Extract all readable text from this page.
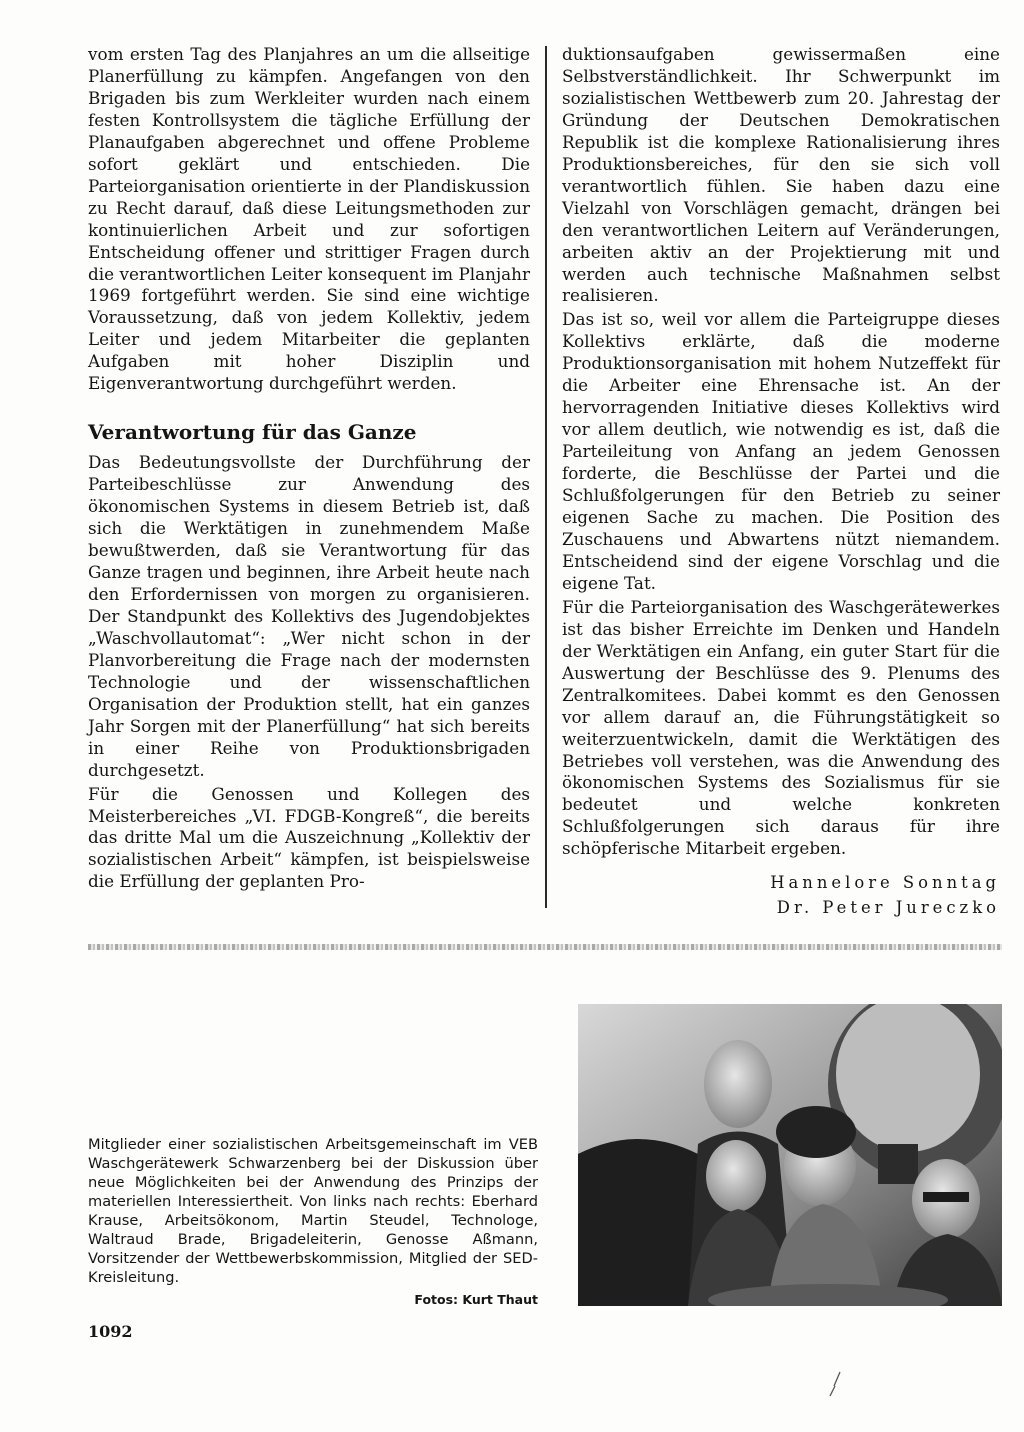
vom ersten Tag des Planjahres an um die allseitige Planerfüllung zu kämpfen. Angefangen von den Brigaden bis zum Werkleiter wurden nach einem festen Kontrollsystem die tägliche Erfüllung der Planaufgaben abgerechnet und offene Probleme sofort geklärt und entschieden. Die Parteiorganisation orientierte in der Plandiskussion zu Recht darauf, daß diese Leitungsmethoden zur kontinuierlichen Arbeit und zur sofortigen Entscheidung offener und strittiger Fragen durch die verantwortlichen Leiter konsequent im Planjahr 1969 fortgeführt werden. Sie sind eine wichtige Voraussetzung, daß von jedem Kollektiv, jedem Leiter und jedem Mitarbeiter die geplanten Aufgaben mit hoher Disziplin und Eigenverantwortung durchgeführt werden.

Verantwortung für das Ganze

Das Bedeutungsvollste der Durchführung der Parteibeschlüsse zur Anwendung des ökonomischen Systems in diesem Betrieb ist, daß sich die Werktätigen in zunehmendem Maße bewußtwerden, daß sie Verantwortung für das Ganze tragen und beginnen, ihre Arbeit heute nach den Erfordernissen von morgen zu organisieren. Der Standpunkt des Kollektivs des Jugendobjektes „Waschvollautomat“: „Wer nicht schon in der Planvorbereitung die Frage nach der modernsten Technologie und der wissenschaftlichen Organisation der Produktion stellt, hat ein ganzes Jahr Sorgen mit der Planerfüllung“ hat sich bereits in einer Reihe von Produktionsbrigaden durchgesetzt.

Für die Genossen und Kollegen des Meisterbereiches „VI. FDGB-Kongreß“, die bereits das dritte Mal um die Auszeichnung „Kollektiv der sozialistischen Arbeit“ kämpfen, ist beispielsweise die Erfüllung der geplanten Pro-

duktionsaufgaben gewissermaßen eine Selbstverständlichkeit. Ihr Schwerpunkt im sozialistischen Wettbewerb zum 20. Jahrestag der Gründung der Deutschen Demokratischen Republik ist die komplexe Rationalisierung ihres Produktionsbereiches, für den sie sich voll verantwortlich fühlen. Sie haben dazu eine Vielzahl von Vorschlägen gemacht, drängen bei den verantwortlichen Leitern auf Veränderungen, arbeiten aktiv an der Projektierung mit und werden auch technische Maßnahmen selbst realisieren.

Das ist so, weil vor allem die Parteigruppe dieses Kollektivs erklärte, daß die moderne Produktionsorganisation mit hohem Nutzeffekt für die Arbeiter eine Ehrensache ist. An der hervorragenden Initiative dieses Kollektivs wird vor allem deutlich, wie notwendig es ist, daß die Parteileitung von Anfang an jedem Genossen forderte, die Beschlüsse der Partei und die Schlußfolgerungen für den Betrieb zu seiner eigenen Sache zu machen. Die Position des Zuschauens und Abwartens nützt niemandem. Entscheidend sind der eigene Vorschlag und die eigene Tat.

Für die Parteiorganisation des Waschgerätewerkes ist das bisher Erreichte im Denken und Handeln der Werktätigen ein Anfang, ein guter Start für die Auswertung der Beschlüsse des 9. Plenums des Zentralkomitees. Dabei kommt es den Genossen vor allem darauf an, die Führungstätigkeit so weiterzuentwickeln, damit die Werktätigen des Betriebes voll verstehen, was die Anwendung des ökonomischen Systems des Sozialismus für sie bedeutet und welche konkreten Schlußfolgerungen sich daraus für ihre schöpferische Mitarbeit ergeben.

Hannelore Sonntag
Dr. Peter Jureczko
Mitglieder einer sozialistischen Arbeitsgemeinschaft im VEB Waschgerätewerk Schwarzenberg bei der Diskussion über neue Möglichkeiten bei der Anwendung des Prinzips der materiellen Interessiertheit. Von links nach rechts: Eberhard Krause, Arbeitsökonom, Martin Steudel, Technologe, Waltraud Brade, Brigadeleiterin, Genosse Aßmann, Vorsitzender der Wettbewerbskommission, Mitglied der SED-Kreisleitung.
Fotos: Kurt Thaut
1092
